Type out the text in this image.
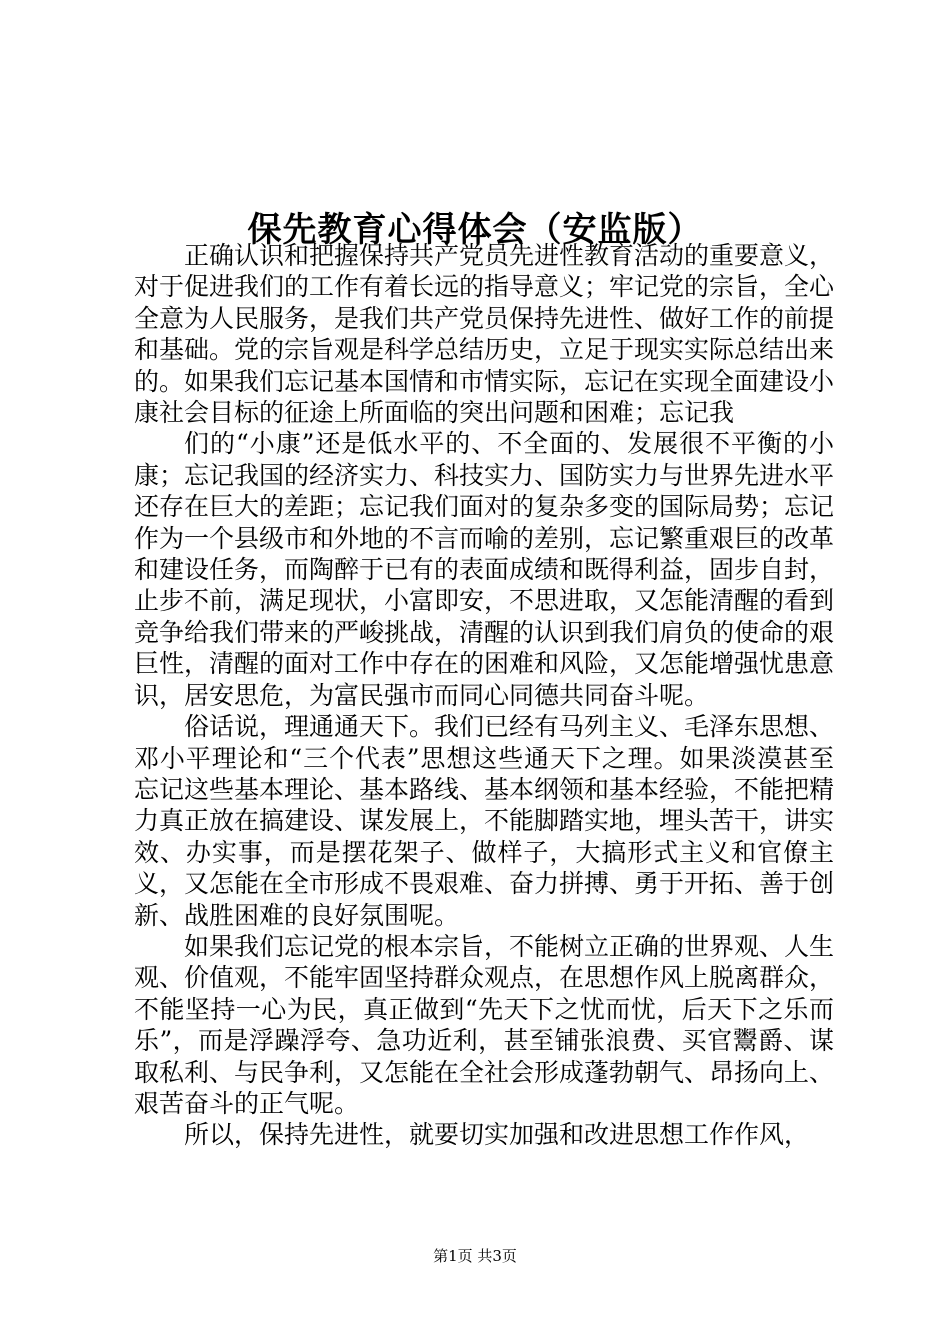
保先教育心得体会（安监版）

正确认识和把握保持共产党员先进性教育活动的重要意义，对于促进我们的工作有着长远的指导意义；牢记党的宗旨，全心全意为人民服务，是我们共产党员保持先进性、做好工作的前提和基础。党的宗旨观是科学总结历史，立足于现实实际总结出来的。如果我们忘记基本国情和市情实际，忘记在实现全面建设小康社会目标的征途上所面临的突出问题和困难；忘记我

们的“小康”还是低水平的、不全面的、发展很不平衡的小康；忘记我国的经济实力、科技实力、国防实力与世界先进水平还存在巨大的差距；忘记我们面对的复杂多变的国际局势；忘记作为一个县级市和外地的不言而喻的差别，忘记繁重艰巨的改革和建设任务，而陶醉于已有的表面成绩和既得利益，固步自封，止步不前，满足现状，小富即安，不思进取，又怎能清醒的看到竞争给我们带来的严峻挑战，清醒的认识到我们肩负的使命的艰巨性，清醒的面对工作中存在的困难和风险，又怎能增强忧患意识，居安思危，为富民强市而同心同德共同奋斗呢。

俗话说，理通通天下。我们已经有马列主义、毛泽东思想、邓小平理论和“三个代表”思想这些通天下之理。如果淡漠甚至忘记这些基本理论、基本路线、基本纲领和基本经验，不能把精力真正放在搞建设、谋发展上，不能脚踏实地，埋头苦干，讲实效、办实事，而是摆花架子、做样子，大搞形式主义和官僚主义，又怎能在全市形成不畏艰难、奋力拼搏、勇于开拓、善于创新、战胜困难的良好氛围呢。

如果我们忘记党的根本宗旨，不能树立正确的世界观、人生观、价值观，不能牢固坚持群众观点，在思想作风上脱离群众，不能坚持一心为民，真正做到“先天下之忧而忧，后天下之乐而乐”，而是浮躁浮夸、急功近利，甚至铺张浪费、买官鬻爵、谋取私利、与民争利，又怎能在全社会形成蓬勃朝气、昂扬向上、艰苦奋斗的正气呢。

所以，保持先进性，就要切实加强和改进思想工作作风，

第1页 共3页
